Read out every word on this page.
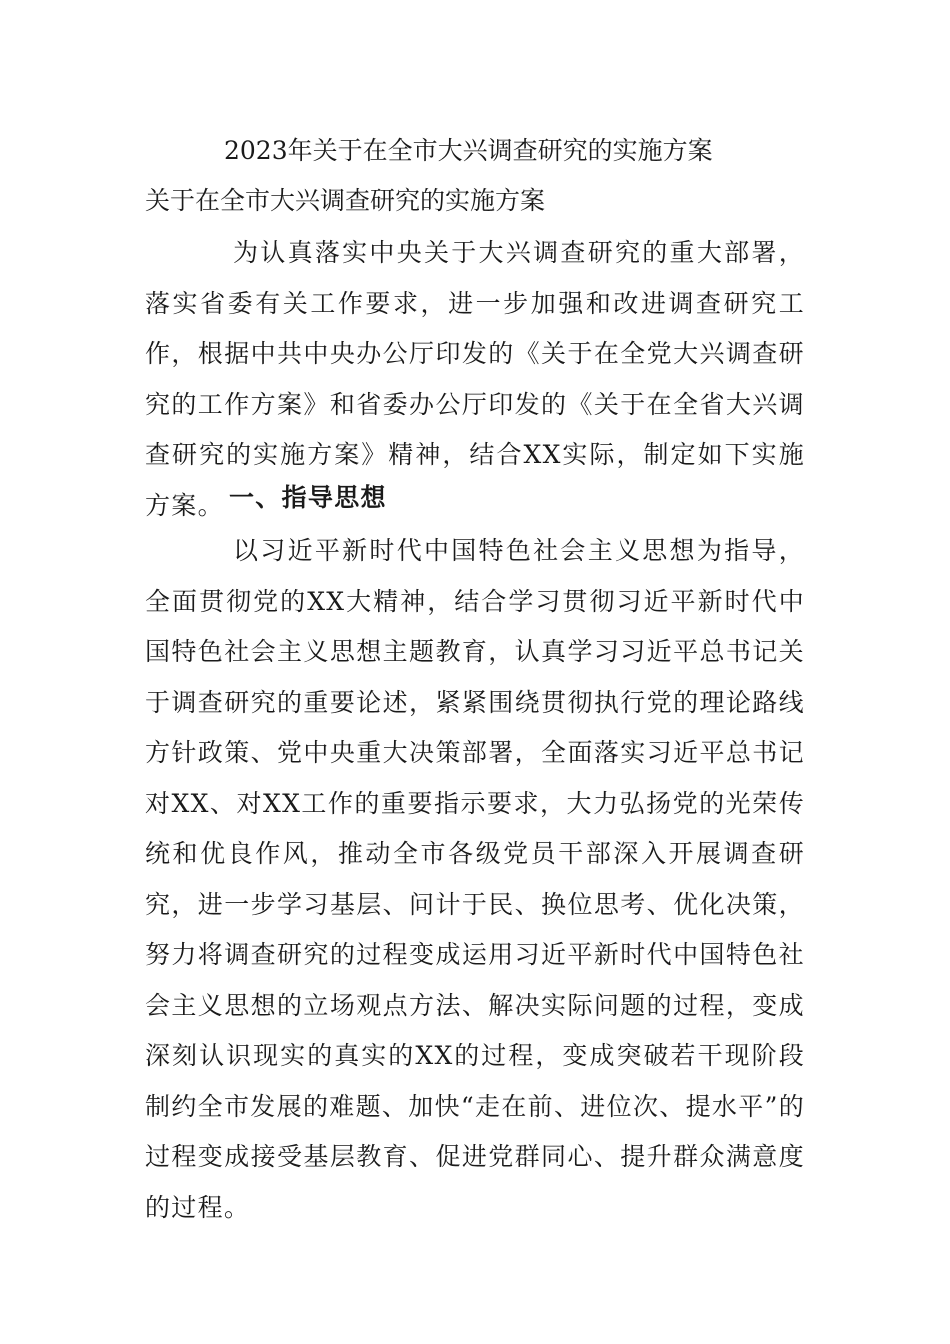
2023年关于在全市大兴调查研究的实施方案

关于在全市大兴调查研究的实施方案

为认真落实中央关于大兴调查研究的重大部署，落实省委有关工作要求，进一步加强和改进调查研究工作，根据中共中央办公厅印发的《关于在全党大兴调查研究的工作方案》和省委办公厅印发的《关于在全省大兴调查研究的实施方案》精神，结合XX实际，制定如下实施方案。 一、指导思想

以习近平新时代中国特色社会主义思想为指导，全面贯彻党的XX大精神，结合学习贯彻习近平新时代中国特色社会主义思想主题教育，认真学习习近平总书记关于调查研究的重要论述，紧紧围绕贯彻执行党的理论路线方针政策、党中央重大决策部署，全面落实习近平总书记对XX、对XX工作的重要指示要求，大力弘扬党的光荣传统和优良作风，推动全市各级党员干部深入开展调查研究，进一步学习基层、问计于民、换位思考、优化决策，努力将调查研究的过程变成运用习近平新时代中国特色社会主义思想的立场观点方法、解决实际问题的过程，变成深刻认识现实的真实的XX的过程，变成突破若干现阶段制约全市发展的难题、加快“走在前、进位次、提水平”的过程变成接受基层教育、促进党群同心、提升群众满意度的过程。
